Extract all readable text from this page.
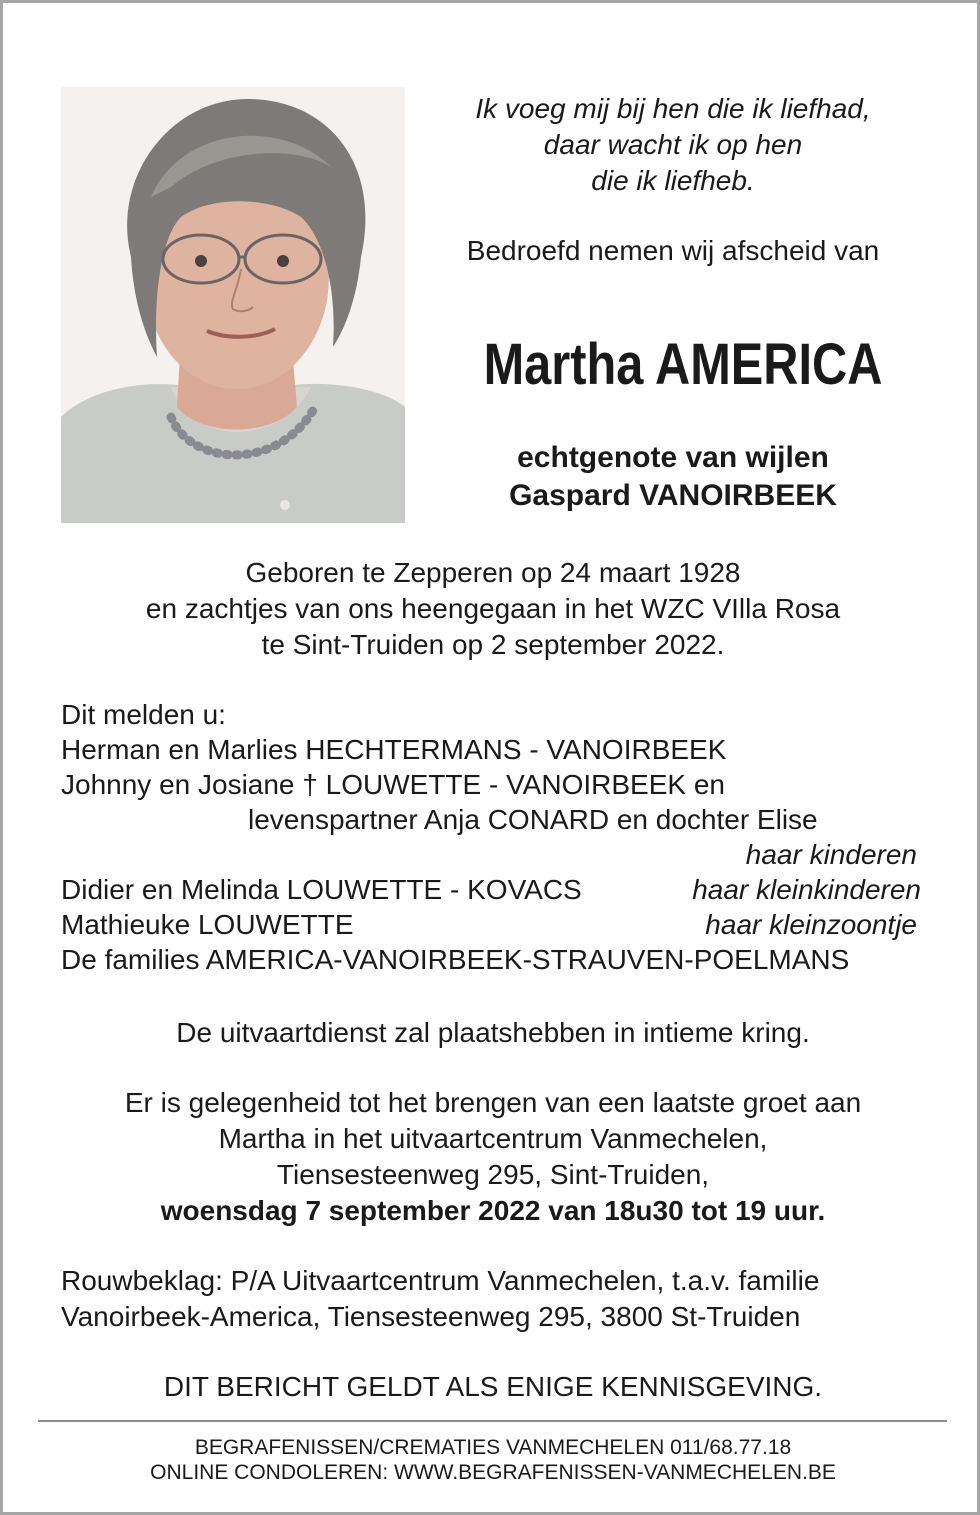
Ik voeg mij bij hen die ik liefhad,
daar wacht ik op hen
die ik liefheb.
Bedroefd nemen wij afscheid van
Martha AMERICA
echtgenote van wijlen
Gaspard VANOIRBEEK
Geboren te Zepperen op 24 maart 1928
en zachtjes van ons heengegaan in het WZC VIlla Rosa
te Sint-Truiden op 2 september 2022.
Dit melden u:
Herman en Marlies HECHTERMANS - VANOIRBEEK
Johnny en Josiane † LOUWETTE - VANOIRBEEK en
levenspartner Anja CONARD en dochter Elise
haar kinderen
Didier en Melinda LOUWETTE - KOVACS	haar kleinkinderen
Mathieuke LOUWETTE	haar kleinzoontje
De families AMERICA-VANOIRBEEK-STRAUVEN-POELMANS
De uitvaartdienst zal plaatshebben in intieme kring.
Er is gelegenheid tot het brengen van een laatste groet aan
Martha in het uitvaartcentrum Vanmechelen,
Tiensesteenweg 295, Sint-Truiden,
woensdag 7 september 2022 van 18u30 tot 19 uur.
Rouwbeklag: P/A Uitvaartcentrum Vanmechelen, t.a.v. familie
Vanoirbeek-America, Tiensesteenweg 295, 3800 St-Truiden
DIT BERICHT GELDT ALS ENIGE KENNISGEVING.
BEGRAFENISSEN/CREMATIES VANMECHELEN 011/68.77.18
ONLINE CONDOLEREN: WWW.BEGRAFENISSEN-VANMECHELEN.BE
